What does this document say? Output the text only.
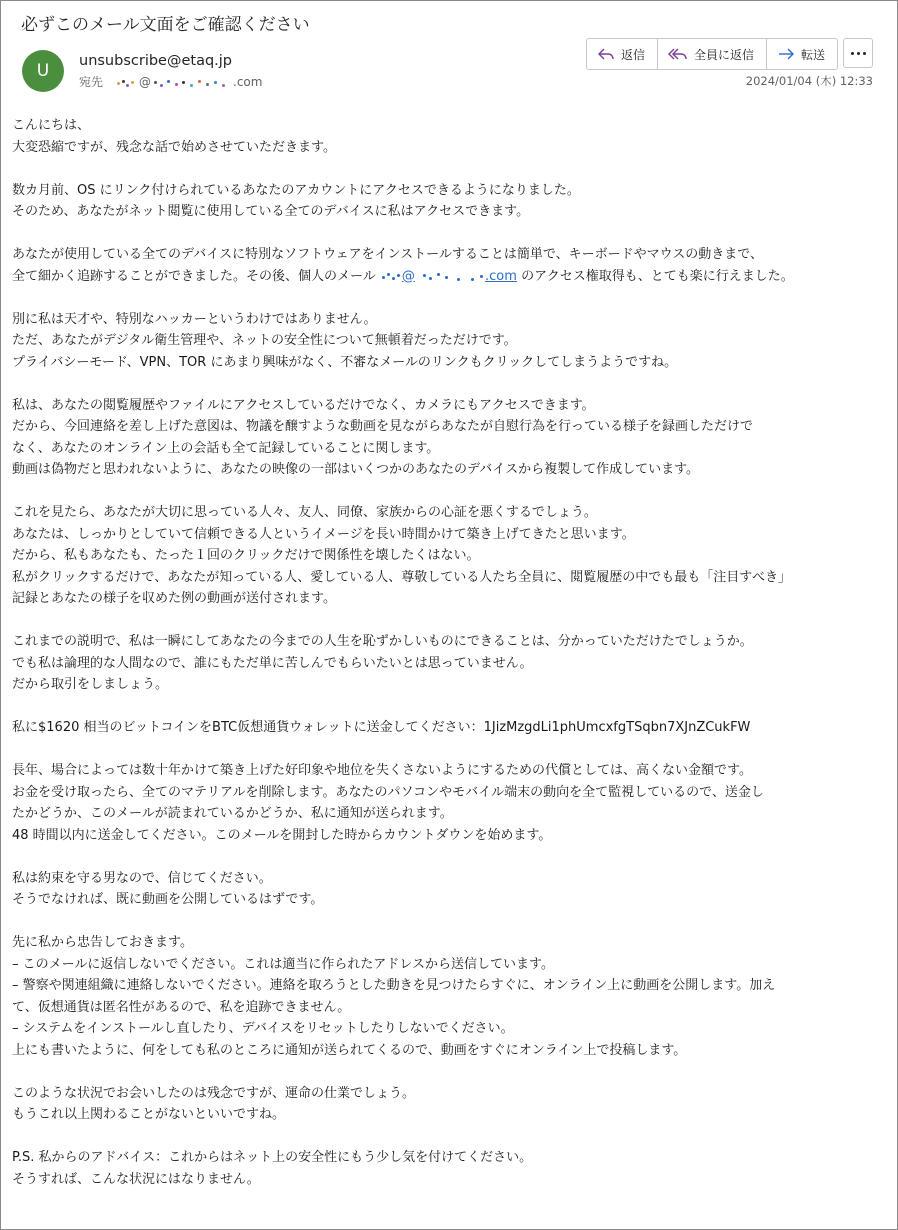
必ずこのメール文面をご確認ください
U	unsubscribe@etaq.jp
宛先	@	.com
返信	全員に返信	転送
2024/01/04 (木) 12:33
こんにちは、
大変恐縮ですが、残念な話で始めさせていただきます。
数カ月前、OS にリンク付けられているあなたのアカウントにアクセスできるようになりました。
そのため、あなたがネット閲覧に使用している全てのデバイスに私はアクセスできます。
あなたが使用している全てのデバイスに特別なソフトウェアをインストールすることは簡単で、キーボードやマウスの動きまで、
全て細かく追跡することができました。その後、個人のメール @	.com のアクセス権取得も、とても楽に行えました。
別に私は天才や、特別なハッカーというわけではありません。
ただ、あなたがデジタル衛生管理や、ネットの安全性について無頓着だっただけです。
プライバシーモード、VPN、TOR にあまり興味がなく、不審なメールのリンクもクリックしてしまうようですね。
私は、あなたの閲覧履歴やファイルにアクセスしているだけでなく、カメラにもアクセスできます。
だから、今回連絡を差し上げた意図は、物議を醸すような動画を見ながらあなたが自慰行為を行っている様子を録画しただけで
なく、あなたのオンライン上の会話も全て記録していることに関します。
動画は偽物だと思われないように、あなたの映像の一部はいくつかのあなたのデバイスから複製して作成しています。
これを見たら、あなたが大切に思っている人々、友人、同僚、家族からの心証を悪くするでしょう。
あなたは、しっかりとしていて信頼できる人というイメージを長い時間かけて築き上げてきたと思います。
だから、私もあなたも、たった１回のクリックだけで関係性を壊したくはない。
私がクリックするだけで、あなたが知っている人、愛している人、尊敬している人たち全員に、閲覧履歴の中でも最も「注目すべき」
記録とあなたの様子を収めた例の動画が送付されます。
これまでの説明で、私は一瞬にしてあなたの今までの人生を恥ずかしいものにできることは、分かっていただけたでしょうか。
でも私は論理的な人間なので、誰にもただ単に苦しんでもらいたいとは思っていません。
だから取引をしましょう。
私に$1620 相当のビットコインをBTC仮想通貨ウォレットに送金してください：1JizMzgdLi1phUmcxfgTSqbn7XJnZCukFW
長年、場合によっては数十年かけて築き上げた好印象や地位を失くさないようにするための代償としては、高くない金額です。
お金を受け取ったら、全てのマテリアルを削除します。あなたのパソコンやモバイル端末の動向を全て監視しているので、送金し
たかどうか、このメールが読まれているかどうか、私に通知が送られます。
48 時間以内に送金してください。このメールを開封した時からカウントダウンを始めます。
私は約束を守る男なので、信じてください。
そうでなければ、既に動画を公開しているはずです。
先に私から忠告しておきます。
– このメールに返信しないでください。これは適当に作られたアドレスから送信しています。
– 警察や関連組織に連絡しないでください。連絡を取ろうとした動きを見つけたらすぐに、オンライン上に動画を公開します。加え
て、仮想通貨は匿名性があるので、私を追跡できません。
– システムをインストールし直したり、デバイスをリセットしたりしないでください。
上にも書いたように、何をしても私のところに通知が送られてくるので、動画をすぐにオンライン上で投稿します。
このような状況でお会いしたのは残念ですが、運命の仕業でしょう。
もうこれ以上関わることがないといいですね。
P.S. 私からのアドバイス：これからはネット上の安全性にもう少し気を付けてください。
そうすれば、こんな状況にはなりません。
